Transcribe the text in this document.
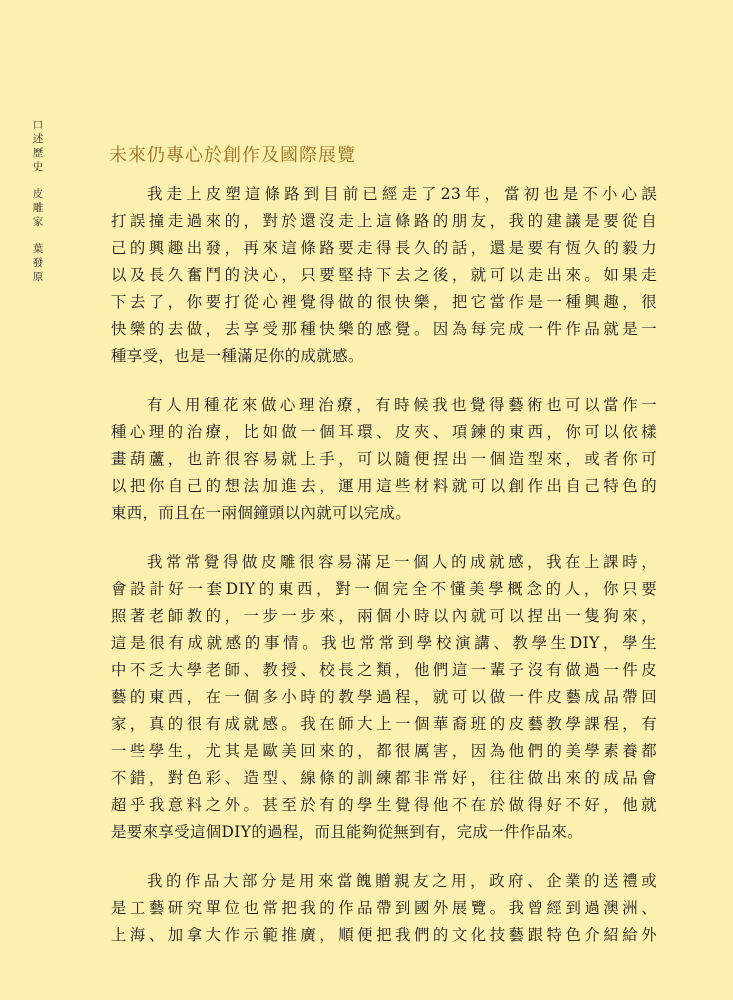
口
述
歷
史
皮
雕
家
葉
發
原
未來仍專心於創作及國際展覽
我走上皮塑這條路到目前已經走了23年，當初也是不小心誤
打誤撞走過來的，對於還沒走上這條路的朋友，我的建議是要從自
己的興趣出發，再來這條路要走得長久的話，還是要有恆久的毅力
以及長久奮鬥的決心，只要堅持下去之後，就可以走出來。如果走
下去了，你要打從心裡覺得做的很快樂，把它當作是一種興趣，很
快樂的去做，去享受那種快樂的感覺。因為每完成一件作品就是一
種享受，也是一種滿足你的成就感。
有人用種花來做心理治療，有時候我也覺得藝術也可以當作一
種心理的治療，比如做一個耳環、皮夾、項鍊的東西，你可以依樣
畫葫蘆，也許很容易就上手，可以隨便捏出一個造型來，或者你可
以把你自己的想法加進去，運用這些材料就可以創作出自己特色的
東西，而且在一兩個鐘頭以內就可以完成。
我常常覺得做皮雕很容易滿足一個人的成就感，我在上課時，
會設計好一套DIY的東西，對一個完全不懂美學概念的人，你只要
照著老師教的，一步一步來，兩個小時以內就可以捏出一隻狗來，
這是很有成就感的事情。我也常常到學校演講、教學生DIY，學生
中不乏大學老師、教授、校長之類，他們這一輩子沒有做過一件皮
藝的東西，在一個多小時的教學過程，就可以做一件皮藝成品帶回
家，真的很有成就感。我在師大上一個華裔班的皮藝教學課程，有
一些學生，尤其是歐美回來的，都很厲害，因為他們的美學素養都
不錯，對色彩、造型、線條的訓練都非常好，往往做出來的成品會
超乎我意料之外。甚至於有的學生覺得他不在於做得好不好，他就
是要來享受這個DIY的過程，而且能夠從無到有，完成一件作品來。
我的作品大部分是用來當餽贈親友之用，政府、企業的送禮或
是工藝研究單位也常把我的作品帶到國外展覽。我曾經到過澳洲、
上海、加拿大作示範推廣，順便把我們的文化技藝跟特色介紹給外
